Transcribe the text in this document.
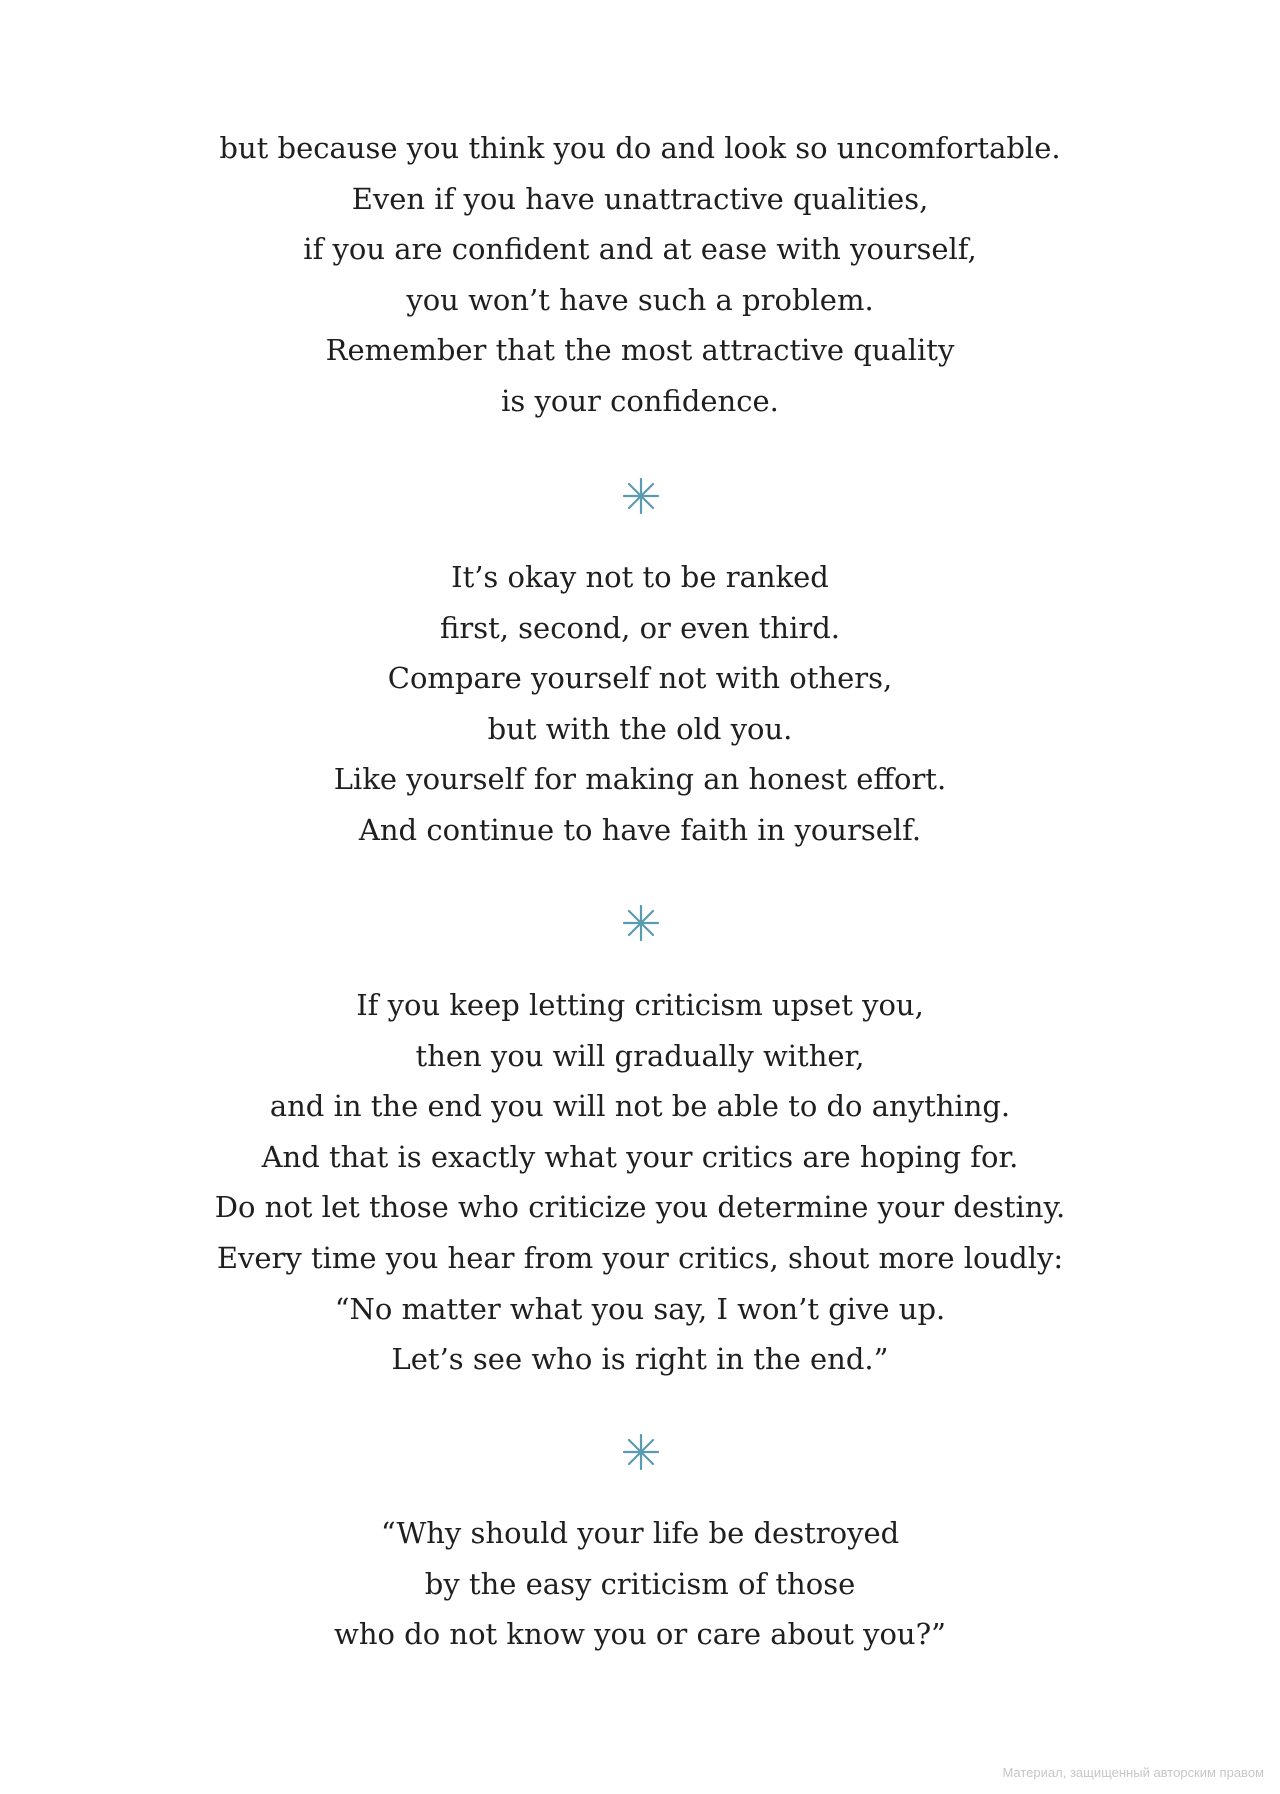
but because you think you do and look so uncomfortable.
Even if you have unattractive qualities,
if you are confident and at ease with yourself,
you won’t have such a problem.
Remember that the most attractive quality
is your confidence.
It’s okay not to be ranked
first, second, or even third.
Compare yourself not with others,
but with the old you.
Like yourself for making an honest effort.
And continue to have faith in yourself.
If you keep letting criticism upset you,
then you will gradually wither,
and in the end you will not be able to do anything.
And that is exactly what your critics are hoping for.
Do not let those who criticize you determine your destiny.
Every time you hear from your critics, shout more loudly:
“No matter what you say, I won’t give up.
Let’s see who is right in the end.”
“Why should your life be destroyed
by the easy criticism of those
who do not know you or care about you?”
Материал, защищенный авторским правом
